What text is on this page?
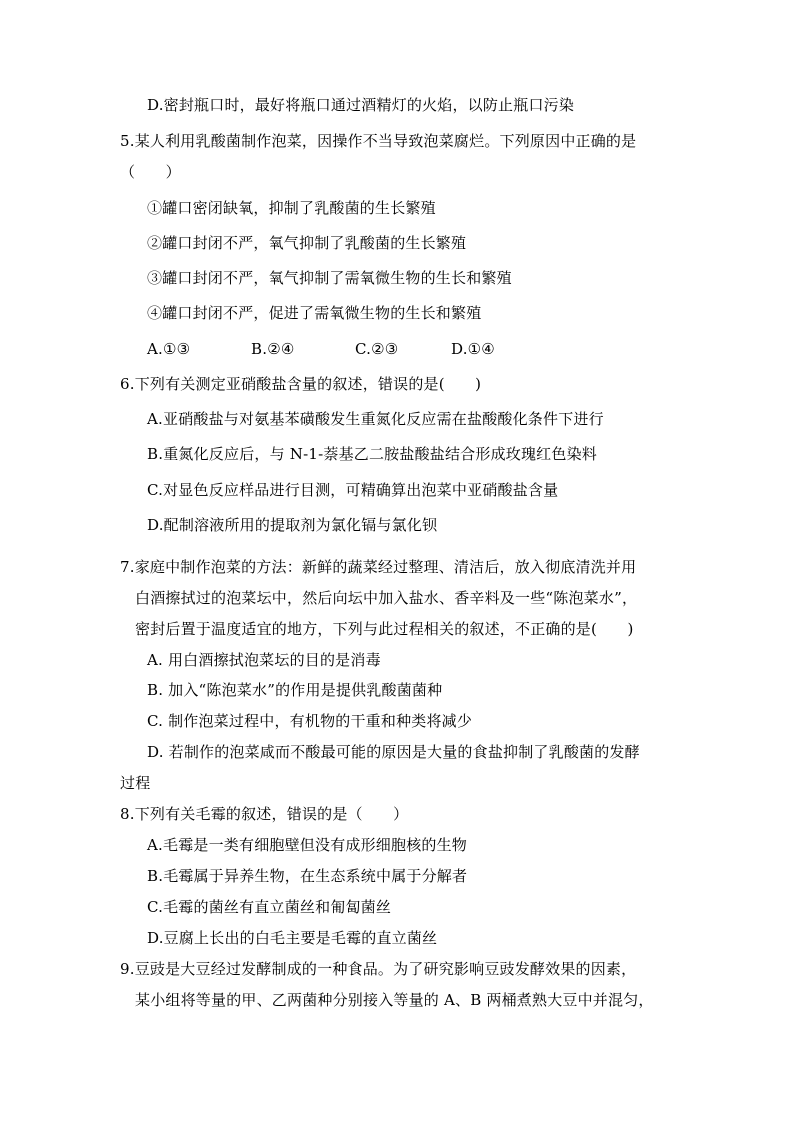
D.密封瓶口时，最好将瓶口通过酒精灯的火焰，以防止瓶口污染
5.某人利用乳酸菌制作泡菜，因操作不当导致泡菜腐烂。下列原因中正确的是
（　　）
①罐口密闭缺氧，抑制了乳酸菌的生长繁殖
②罐口封闭不严，氧气抑制了乳酸菌的生长繁殖
③罐口封闭不严，氧气抑制了需氧微生物的生长和繁殖
④罐口封闭不严，促进了需氧微生物的生长和繁殖
A.①③	B.②④	C.②③	D.①④
6.下列有关测定亚硝酸盐含量的叙述，错误的是(　　)
A.亚硝酸盐与对氨基苯磺酸发生重氮化反应需在盐酸酸化条件下进行
B.重氮化反应后，与 N-1-萘基乙二胺盐酸盐结合形成玫瑰红色染料
C.对显色反应样品进行目测，可精确算出泡菜中亚硝酸盐含量
D.配制溶液所用的提取剂为氯化镉与氯化钡
7.家庭中制作泡菜的方法：新鲜的蔬菜经过整理、清洁后，放入彻底清洗并用
白酒擦拭过的泡菜坛中，然后向坛中加入盐水、香辛料及一些“陈泡菜水”，
密封后置于温度适宜的地方，下列与此过程相关的叙述，不正确的是(　　)
A. 用白酒擦拭泡菜坛的目的是消毒
B. 加入“陈泡菜水”的作用是提供乳酸菌菌种
C. 制作泡菜过程中，有机物的干重和种类将减少
D. 若制作的泡菜咸而不酸最可能的原因是大量的食盐抑制了乳酸菌的发酵
过程
8.下列有关毛霉的叙述，错误的是（　　）
A.毛霉是一类有细胞壁但没有成形细胞核的生物
B.毛霉属于异养生物，在生态系统中属于分解者
C.毛霉的菌丝有直立菌丝和匍匐菌丝
D.豆腐上长出的白毛主要是毛霉的直立菌丝
9.豆豉是大豆经过发酵制成的一种食品。为了研究影响豆豉发酵效果的因素，
某小组将等量的甲、乙两菌种分别接入等量的 A、B 两桶煮熟大豆中并混匀，
